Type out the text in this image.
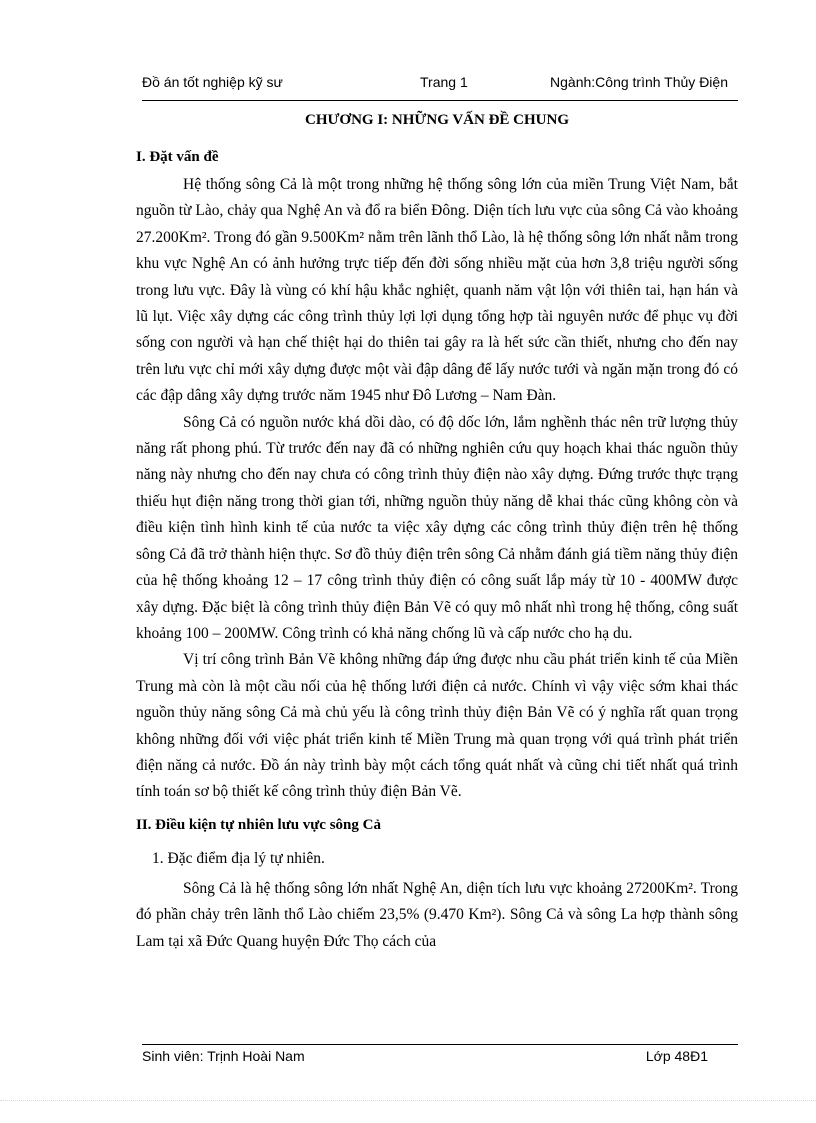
Đồ án tốt nghiệp kỹ sư	Trang 1	Ngành:Công trình Thủy Điện
CHƯƠNG I: NHỮNG VẤN ĐỀ CHUNG
I. Đặt vấn đề

Hệ thống sông Cả là một trong những hệ thống sông lớn của miền Trung Việt Nam, bắt nguồn từ Lào, chảy qua Nghệ An và đổ ra biển Đông. Diện tích lưu vực của sông Cả vào khoảng 27.200Km². Trong đó gần 9.500Km² nằm trên lãnh thổ Lào, là hệ thống sông lớn nhất nằm trong khu vực Nghệ An có ảnh hưởng trực tiếp đến đời sống nhiều mặt của hơn 3,8 triệu người sống trong lưu vực. Đây là vùng có khí hậu khắc nghiệt, quanh năm vật lộn với thiên tai, hạn hán và lũ lụt. Việc xây dựng các công trình thủy lợi lợi dụng tổng hợp tài nguyên nước để phục vụ đời sống con người và hạn chế thiệt hại do thiên tai gây ra là hết sức cần thiết, nhưng cho đến nay trên lưu vực chỉ mới xây dựng được một vài đập dâng để lấy nước tưới và ngăn mặn trong đó có các đập dâng xây dựng trước năm 1945 như Đô Lương – Nam Đàn.

Sông Cả có nguồn nước khá dồi dào, có độ dốc lớn, lắm nghềnh thác nên trữ lượng thủy năng rất phong phú. Từ trước đến nay đã có những nghiên cứu quy hoạch khai thác nguồn thủy năng này nhưng cho đến nay chưa có công trình thủy điện nào xây dựng. Đứng trước thực trạng thiếu hụt điện năng trong thời gian tới, những nguồn thủy năng dễ khai thác cũng không còn và điều kiện tình hình kinh tế của nước ta việc xây dựng các công trình thủy điện trên hệ thống sông Cả đã trở thành hiện thực. Sơ đồ thủy điện trên sông Cả nhằm đánh giá tiềm năng thủy điện của hệ thống khoảng 12 – 17 công trình thủy điện có công suất lắp máy từ 10 - 400MW được xây dựng. Đặc biệt là công trình thủy điện Bản Vẽ có quy mô nhất nhì trong hệ thống, công suất khoảng 100 – 200MW. Công trình có khả năng chống lũ và cấp nước cho hạ du.

Vị trí công trình Bản Vẽ không những đáp ứng được nhu cầu phát triển kinh tế của Miền Trung mà còn là một cầu nối của hệ thống lưới điện cả nước. Chính vì vậy việc sớm khai thác nguồn thủy năng sông Cả mà chủ yếu là công trình thủy điện Bản Vẽ có ý nghĩa rất quan trọng không những đối với việc phát triển kinh tế Miền Trung mà quan trọng với quá trình phát triển điện năng cả nước. Đồ án này trình bày một cách tổng quát nhất và cũng chi tiết nhất quá trình tính toán sơ bộ thiết kế công trình thủy điện Bản Vẽ.

II. Điều kiện tự nhiên lưu vực sông Cả
1. Đặc điểm địa lý tự nhiên.

Sông Cả là hệ thống sông lớn nhất Nghệ An, diện tích lưu vực khoảng 27200Km². Trong đó phần chảy trên lãnh thổ Lào chiếm 23,5% (9.470 Km²). Sông Cả và sông La hợp thành sông Lam tại xã Đức Quang huyện Đức Thọ cách của

Sinh viên: Trịnh Hoài Nam	Lớp 48Đ1
